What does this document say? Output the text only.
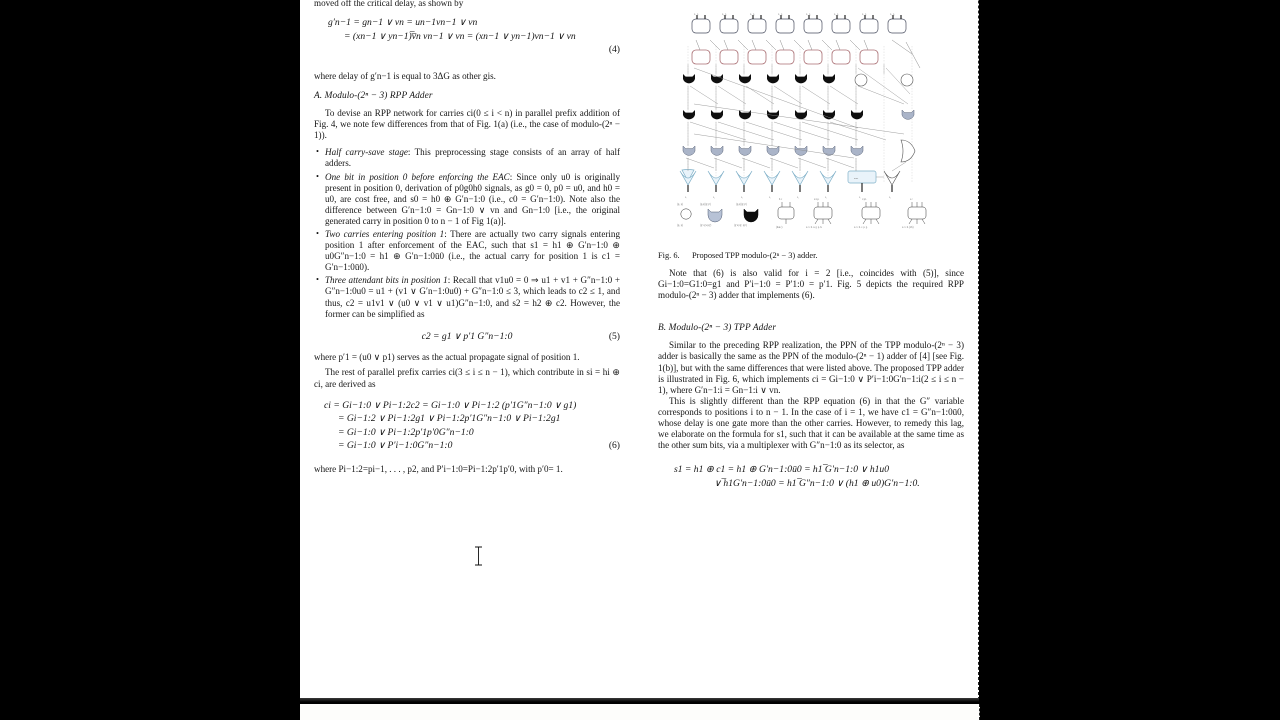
moved off the critical delay, as shown by

g′n−1 = gn−1 ∨ vn = un−1vn−1 ∨ vn
= (xn−1 ∨ yn−1)̅v̅n vn−1 ∨ vn = (xn−1 ∨ yn−1)vn−1 ∨ vn
(4)

where delay of g′n−1 is equal to 3ΔG as other gis.

A. Modulo-(2ⁿ − 3) RPP Adder

To devise an RPP network for carries ci(0 ≤ i < n) in parallel prefix addition of Fig. 4, we note few differences from that of Fig. 1(a) (i.e., the case of modulo-(2ⁿ − 1)).

• Half carry-save stage: This preprocessing stage consists of an array of half adders.
• One bit in position 0 before enforcing the EAC: Since only u0 is originally present in position 0, derivation of p0g0h0 signals, as g0 = 0, p0 = u0, and h0 = u0, are cost free, and s0 = h0 ⊕ G′n−1:0 (i.e., c0 = G′n−1:0). Note also the difference between G′n−1:0 = Gn−1:0 ∨ vn and Gn−1:0 [i.e., the original generated carry in position 0 to n − 1 of Fig 1(a)].
• Two carries entering position 1: There are actually two carry signals entering position 1 after enforcement of the EAC, such that s1 = h1 ⊕ G′n−1:0 ⊕ u0G″n−1:0 = h1 ⊕ G′n−1:0ū0 (i.e., the actual carry for position 1 is c1 = G′n−1:0ū0).
• Three attendant bits in position 1: Recall that v1u0 = 0 ⇒ u1 + v1 + G″n−1:0 + G″n−1:0u0 = u1 + (v1 ∨ G′n−1:0u0) + G″n−1:0 ≤ 3, which leads to c2 ≤ 1, and thus, c2 = u1v1 ∨ (u0 ∨ v1 ∨ u1)G″n−1:0, and s2 = h2 ⊕ c2. However, the former can be simplified as
c2 = g1 ∨ p′1 G″n−1:0	(5)

where p′1 = (u0 ∨ p1) serves as the actual propagate signal of position 1.

The rest of parallel prefix carries ci(3 ≤ i ≤ n − 1), which contribute in si = hi ⊕ ci, are derived as

ci = Gi−1:0 ∨ Pi−1:2c2 = Gi−1:0 ∨ Pi−1:2 (p′1G″n−1:0 ∨ g1)
= Gi−1:2 ∨ Pi−1:2g1 ∨ Pi−1:2p′1G″n−1:0 ∨ Pi−1:2g1
= Gi−1:0 ∨ Pi−1:2p′1p′0G″n−1:0
= Gi−1:0 ∨ P′i−1:0G″n−1:0	(6)

where Pi−1:2=pi−1, . . . , p2, and P′i−1:0=Pi−1:2p′1p′0, with p′0= 1.

x₇ y₇	x₆ y₆	x₅ y₅	x₄ y₄	x₃ y₃	x₂ y₂	x₁ y₁	x₀ y₀
mux
s₇	s₆	s₅	s₄	s₃	s₂	s₁	s₀
(g, p)
(g, p)
(g,p)(g',p')
(g'=g∨pg')
(g,p)(g',p')
(g'∨pg', pp')
h c
(h⊕c)
uᵢvᵢpᵢ
uᵢ vᵢ hᵢ uᵢ gᵢ pᵢ hᵢ
vᵢpᵢlᵢ
uᵢ vᵢ hᵢ cᵢ pᵢ gᵢ
s c
uᵢ vᵢ hᵢ (2h)

Fig. 6. Proposed TPP modulo-(2ⁿ − 3) adder.

Note that (6) is also valid for i = 2 [i.e., coincides with (5)], since Gi−1:0=G1:0=g1 and P′i−1:0 = P′1:0 = p′1. Fig. 5 depicts the required RPP modulo-(2ⁿ − 3) adder that implements (6).

B. Modulo-(2ⁿ − 3) TPP Adder

Similar to the preceding RPP realization, the PPN of the TPP modulo-(2ⁿ − 3) adder is basically the same as the PPN of the modulo-(2ⁿ − 1) adder of [4] [see Fig. 1(b)], but with the same differences that were listed above. The proposed TPP adder is illustrated in Fig. 6, which implements ci = Gi−1:0 ∨ P′i−1:0G′n−1:i(2 ≤ i ≤ n − 1), where G′n−1:i = Gn−1:i ∨ vn.

This is slightly different than the RPP equation (6) in that the G″ variable corresponds to positions i to n − 1. In the case of i = 1, we have c1 = G″n−1:0ū0, whose delay is one gate more than the other carries. However, to remedy this lag, we elaborate on the formula for s1, such that it can be available at the same time as the other sum bits, via a multiplexer with G″n−1:0 as its selector, as

s1 = h1 ⊕ c1 = h1 ⊕ G′n−1:0ū0 = h1 ̅G′n−1:0 ∨ h1u0
∨ ̅h1G′n−1:0ū0 = h1 ̅G″n−1:0 ∨ (h1 ⊕ u0)G′n−1:0.
